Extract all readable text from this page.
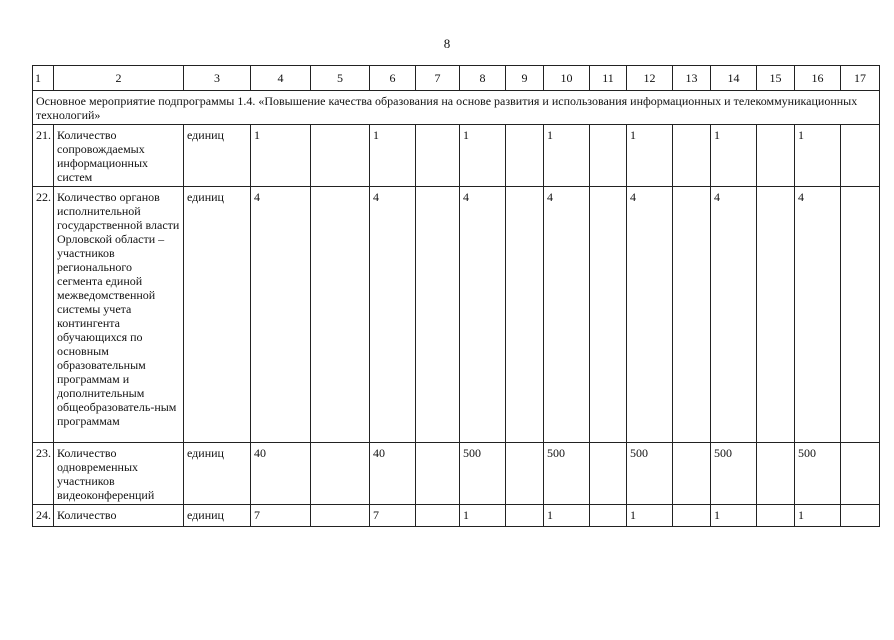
8
1	2	3	4	5	6	7	8	9	10	11	12	13	14	15	16	17
Основное мероприятие подпрограммы 1.4. «Повышение качества образования на основе развития и использования информационных и телекоммуникационных технологий»																
21.	Количество сопровождаемых информационных систем	единиц	1		1		1		1		1		1		1	
22.	Количество органов исполнительной государственной власти Орловской области – участников регионального сегмента единой межведомственной системы учета контингента обучающихся по основным образовательным программам и дополнительным общеобразователь-ным программам	единиц	4		4		4		4		4		4		4	
23.	Количество одновременных участников видеоконференций	единиц	40		40		500		500		500		500		500	
24.	Количество	единиц	7		7		1		1		1		1		1	
